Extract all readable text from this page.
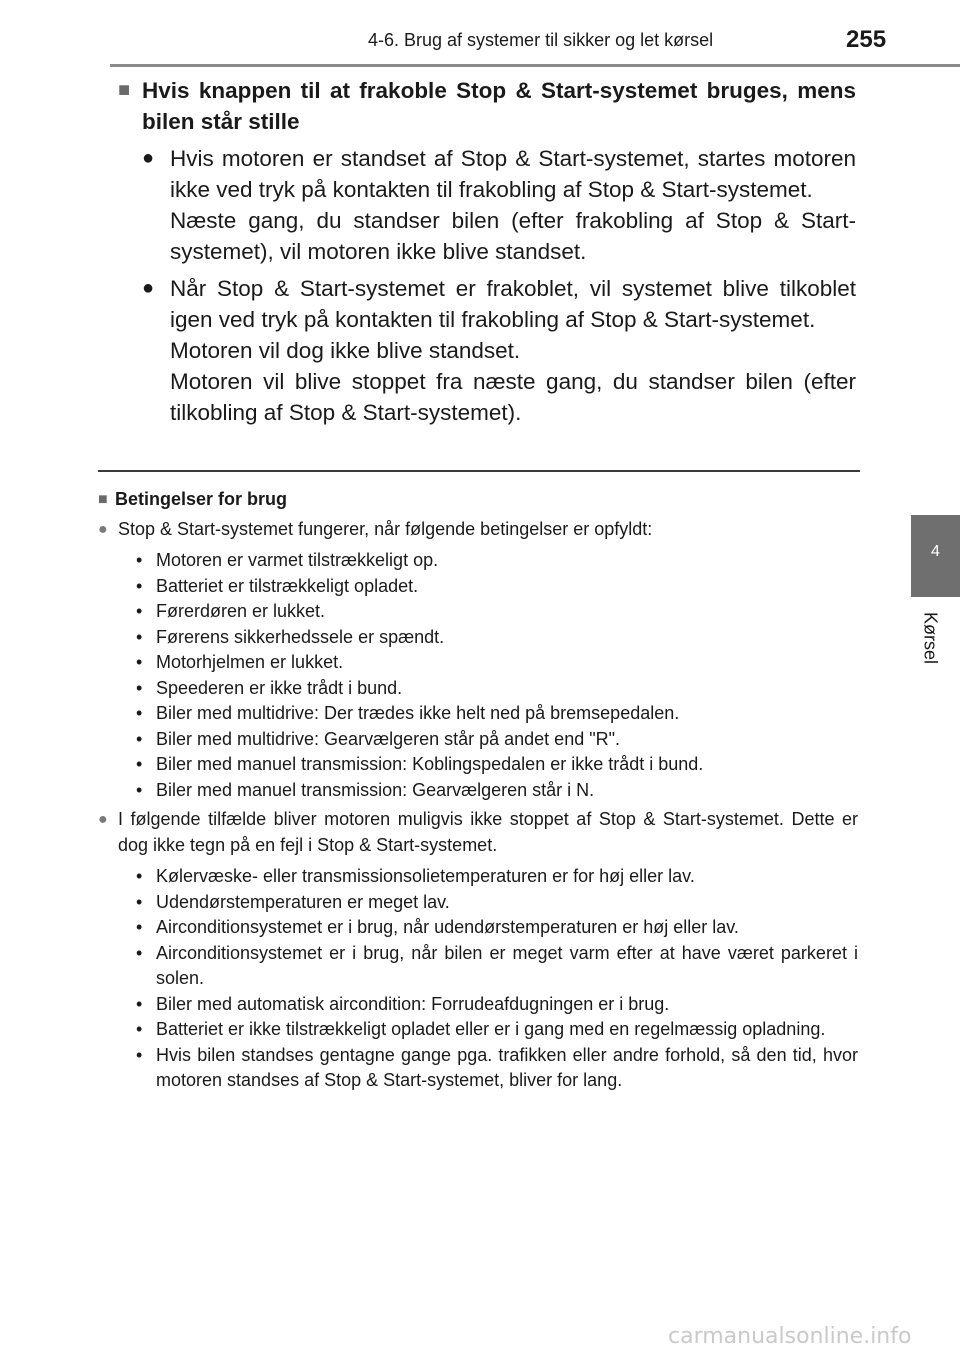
4-6. Brug af systemer til sikker og let kørsel	255
4
Kørsel
■ Hvis knappen til at frakoble Stop & Start-systemet bruges, mens bilen står stille
● Hvis motoren er standset af Stop & Start-systemet, startes motoren ikke ved tryk på kontakten til frakobling af Stop & Start-systemet.

Næste gang, du standser bilen (efter frakobling af Stop & Start-systemet), vil motoren ikke blive standset.

● Når Stop & Start-systemet er frakoblet, vil systemet blive tilkoblet igen ved tryk på kontakten til frakobling af Stop & Start-systemet.

Motoren vil dog ikke blive standset.

Motoren vil blive stoppet fra næste gang, du standser bilen (efter tilkobling af Stop & Start-systemet).

■ Betingelser for brug
● Stop & Start-systemet fungerer, når følgende betingelser er opfyldt:
• Motoren er varmet tilstrækkeligt op.
• Batteriet er tilstrækkeligt opladet.
• Førerdøren er lukket.
• Førerens sikkerhedssele er spændt.
• Motorhjelmen er lukket.
• Speederen er ikke trådt i bund.
• Biler med multidrive: Der trædes ikke helt ned på bremsepedalen.
• Biler med multidrive: Gearvælgeren står på andet end "R".
• Biler med manuel transmission: Koblingspedalen er ikke trådt i bund.
• Biler med manuel transmission: Gearvælgeren står i N.
● I følgende tilfælde bliver motoren muligvis ikke stoppet af Stop & Start-systemet. Dette er dog ikke tegn på en fejl i Stop & Start-systemet.
• Kølervæske- eller transmissionsolietemperaturen er for høj eller lav.
• Udendørstemperaturen er meget lav.
• Airconditionsystemet er i brug, når udendørstemperaturen er høj eller lav.
• Airconditionsystemet er i brug, når bilen er meget varm efter at have været parkeret i solen.
• Biler med automatisk aircondition: Forrudeafdugningen er i brug.
• Batteriet er ikke tilstrækkeligt opladet eller er i gang med en regelmæssig opladning.
• Hvis bilen standses gentagne gange pga. trafikken eller andre forhold, så den tid, hvor motoren standses af Stop & Start-systemet, bliver for lang.
carmanualsonline.info
